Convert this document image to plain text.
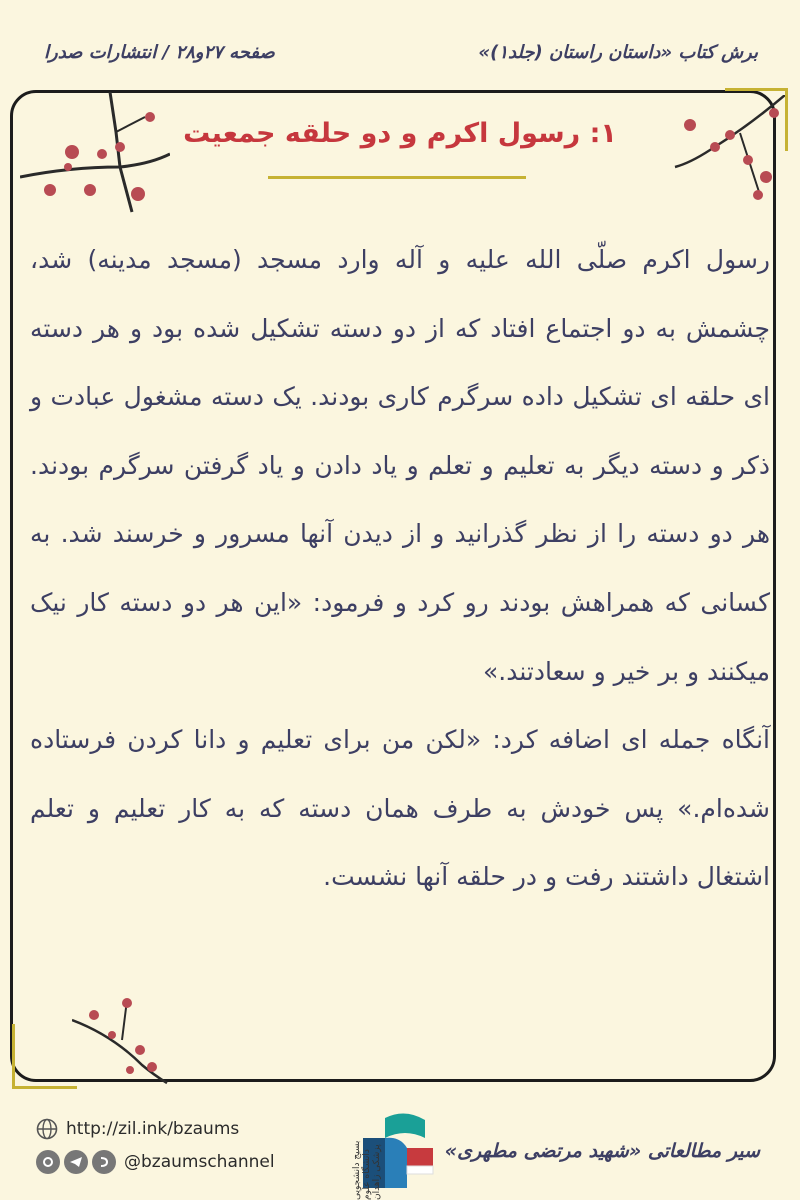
صفحه ۲۷و۲۸ / انتشارات صدرا	برش کتاب «داستان راستان (جلد۱)»
۱: رسول اکرم و دو حلقه جمعیت

رسول اکرم صلّی الله علیه و آله وارد مسجد (مسجد مدینه) شد، چشمش به دو اجتماع افتاد که از دو دسته تشکیل شده بود و هر دسته ای حلقه ای تشکیل داده سرگرم کاری بودند. یک دسته مشغول عبادت و ذکر و دسته دیگر به تعلیم و تعلم و یاد دادن و یاد گرفتن سرگرم بودند. هر دو دسته را از نظر گذرانید و از دیدن آنها مسرور و خرسند شد. به کسانی که همراهش بودند رو کرد و فرمود: «این هر دو دسته کار نیک میکنند و بر خیر و سعادتند.»

آنگاه جمله ای اضافه کرد: «لکن من برای تعلیم و دانا کردن فرستاده شده‌ام.» پس خودش به طرف همان دسته که به کار تعلیم و تعلم اشتغال داشتند رفت و در حلقه آنها نشست.

http://zil.ink/bzaums
@bzaumschannel	بسیج دانشجویی دانشگاه علوم پزشکی زاهدان	سیر مطالعاتی «شهید مرتضی مطهری»
